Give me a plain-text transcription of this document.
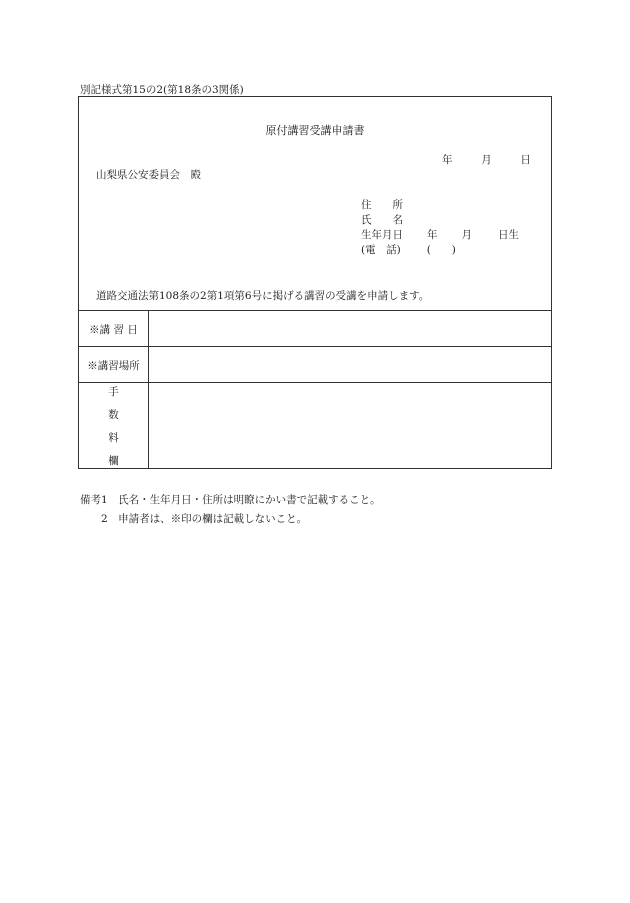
別記様式第15の2(第18条の3関係)
原付講習受講申請書
年	月	日
山梨県公安委員会　殿
住　　所
氏　　名
生年月日 年 月 日生
(電　話) (　　)
道路交通法第108条の2第1項第6号に掲げる講習の受講を申請します。
※講 習 日
※講習場所
手
数
料
欄
備考1　氏名・生年月日・住所は明瞭にかい書で記載すること。
　　2　申請者は、※印の欄は記載しないこと。
